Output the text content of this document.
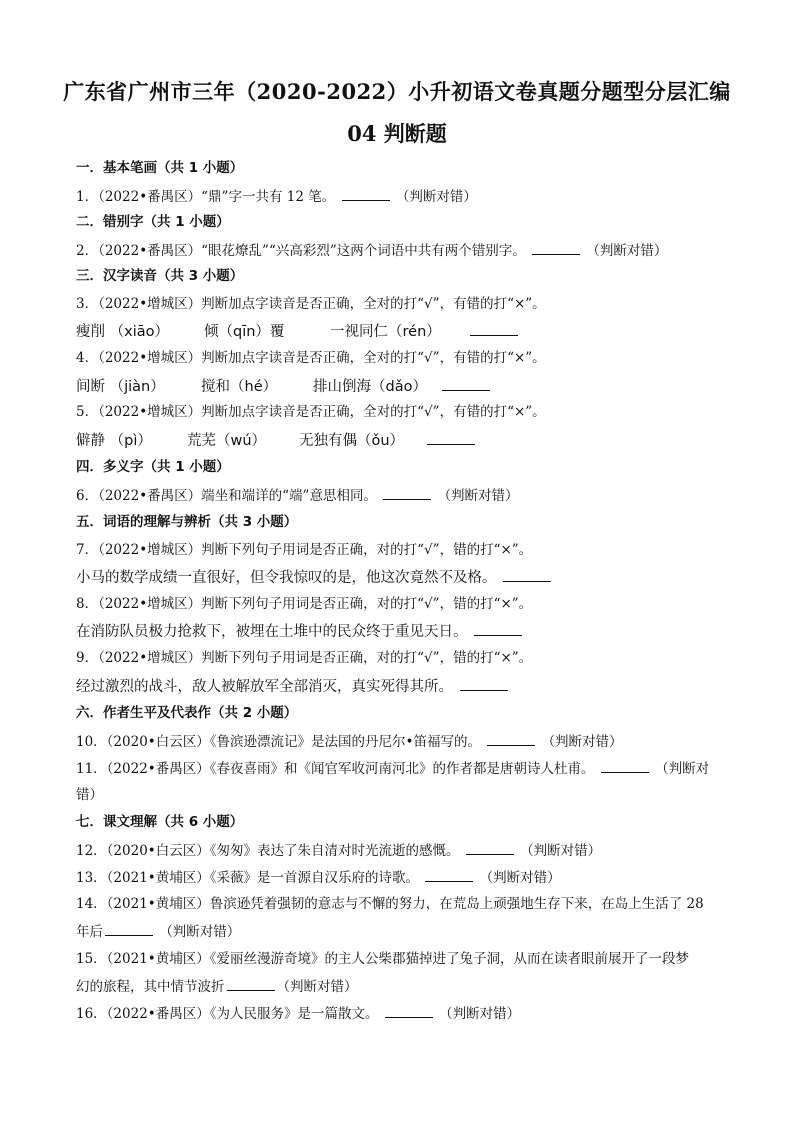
广东省广州市三年（2020-2022）小升初语文卷真题分题型分层汇编
04 判断题
一．基本笔画（共 1 小题）
1．（2022•番禺区）“鼎”字一共有 12 笔。	（判断对错）
二．错别字（共 1 小题）
2．（2022•番禺区）“眼花燎乱”“兴高彩烈”这两个词语中共有两个错别字。	（判断对错）
三．汉字读音（共 3 小题）
3．（2022•增城区）判断加点字读音是否正确，全对的打“√”，有错的打“×”。
瘦削 （xiāo） 倾（qīn）覆	一视同仁（rén）
4．（2022•增城区）判断加点字读音是否正确，全对的打“√”，有错的打“×”。
间断 （jiàn）	搅和（hé） 排山倒海（dǎo）
5．（2022•增城区）判断加点字读音是否正确，全对的打“√”，有错的打“×”。
僻静 （pì） 荒芜（wú） 无独有偶（ǒu）
四．多义字（共 1 小题）
6．（2022•番禺区）端坐和端详的“端”意思相同。	（判断对错）
五．词语的理解与辨析（共 3 小题）
7．（2022•增城区）判断下列句子用词是否正确，对的打“√”，错的打“×”。
小马的数学成绩一直很好，但令我惊叹的是，他这次竟然不及格。
8．（2022•增城区）判断下列句子用词是否正确，对的打“√”，错的打“×”。
在消防队员极力抢救下，被埋在土堆中的民众终于重见天日。
9．（2022•增城区）判断下列句子用词是否正确，对的打“√”，错的打“×”。
经过激烈的战斗，敌人被解放军全部消灭，真实死得其所。
六．作者生平及代表作（共 2 小题）
10．（2020•白云区）《鲁滨逊漂流记》是法国的丹尼尔•笛福写的。	（判断对错）
11．（2022•番禺区）《春夜喜雨》和《闻官军收河南河北》的作者都是唐朝诗人杜甫。	（判断对
错）
七．课文理解（共 6 小题）
12．（2020•白云区）《匆匆》表达了朱自清对时光流逝的感慨。	（判断对错）
13．（2021•黄埔区）《采薇》是一首源自汉乐府的诗歌。	（判断对错）
14．（2021•黄埔区）鲁滨逊凭着强韧的意志与不懈的努力，在荒岛上顽强地生存下来，在岛上生活了 28
年后	（判断对错）
15．（2021•黄埔区）《爱丽丝漫游奇境》的主人公柴郡猫掉进了兔子洞，从而在读者眼前展开了一段梦
幻的旅程，其中情节波折	（判断对错）
16．（2022•番禺区）《为人民服务》是一篇散文。	（判断对错）
